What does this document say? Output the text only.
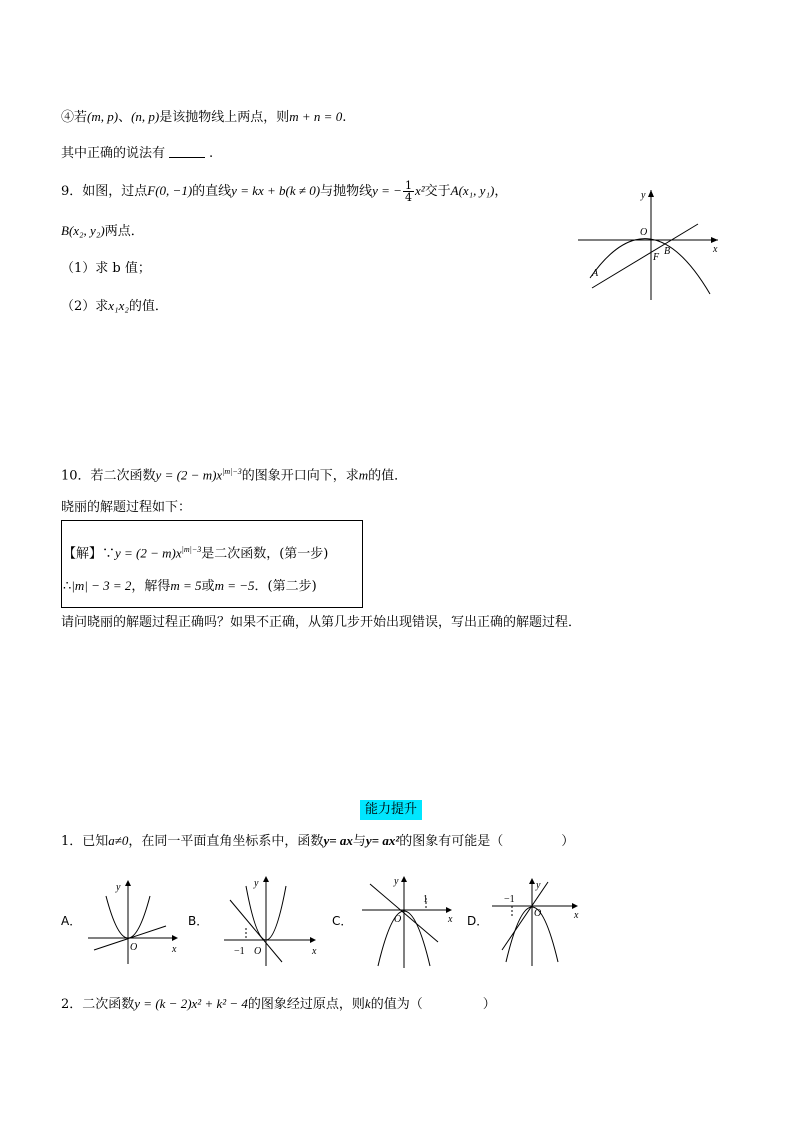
④若(m, p)、(n, p)是该抛物线上两点，则m + n = 0.
其中正确的说法有	.
9．如图，过点F(0, −1)的直线y = kx + b(k ≠ 0)与抛物线y = − $\frac{1}{4} x^2$交于A(x₁, y₁)，
B(x₂, y₂)两点．
（1）求 b 值；
（2）求x₁x₂的值．
y
x
O
A
B
F
10．若二次函数$y = (2 - m)x^{|m|-3}$的图象开口向下，求m的值．
晓丽的解题过程如下：
【解】∵y = $(2 - m)x^{|m|-3}$是二次函数，(第一步)
∴|m| − 3 = 2，解得m = 5或m = −5．(第二步)
请问晓丽的解题过程正确吗？如果不正确，从第几步开始出现错误，写出正确的解题过程．
能力提升
1．已知a≠0，在同一平面直角坐标系中，函数y= ax与y= ax²的图象有可能是（	）
A．
y
x
O
B．
y
x
O
−1
C．
y
x
O
1
D．
y
x
O
−1
2．二次函数y = (k − 2)x² + k² − 4的图象经过原点，则k的值为（	）
